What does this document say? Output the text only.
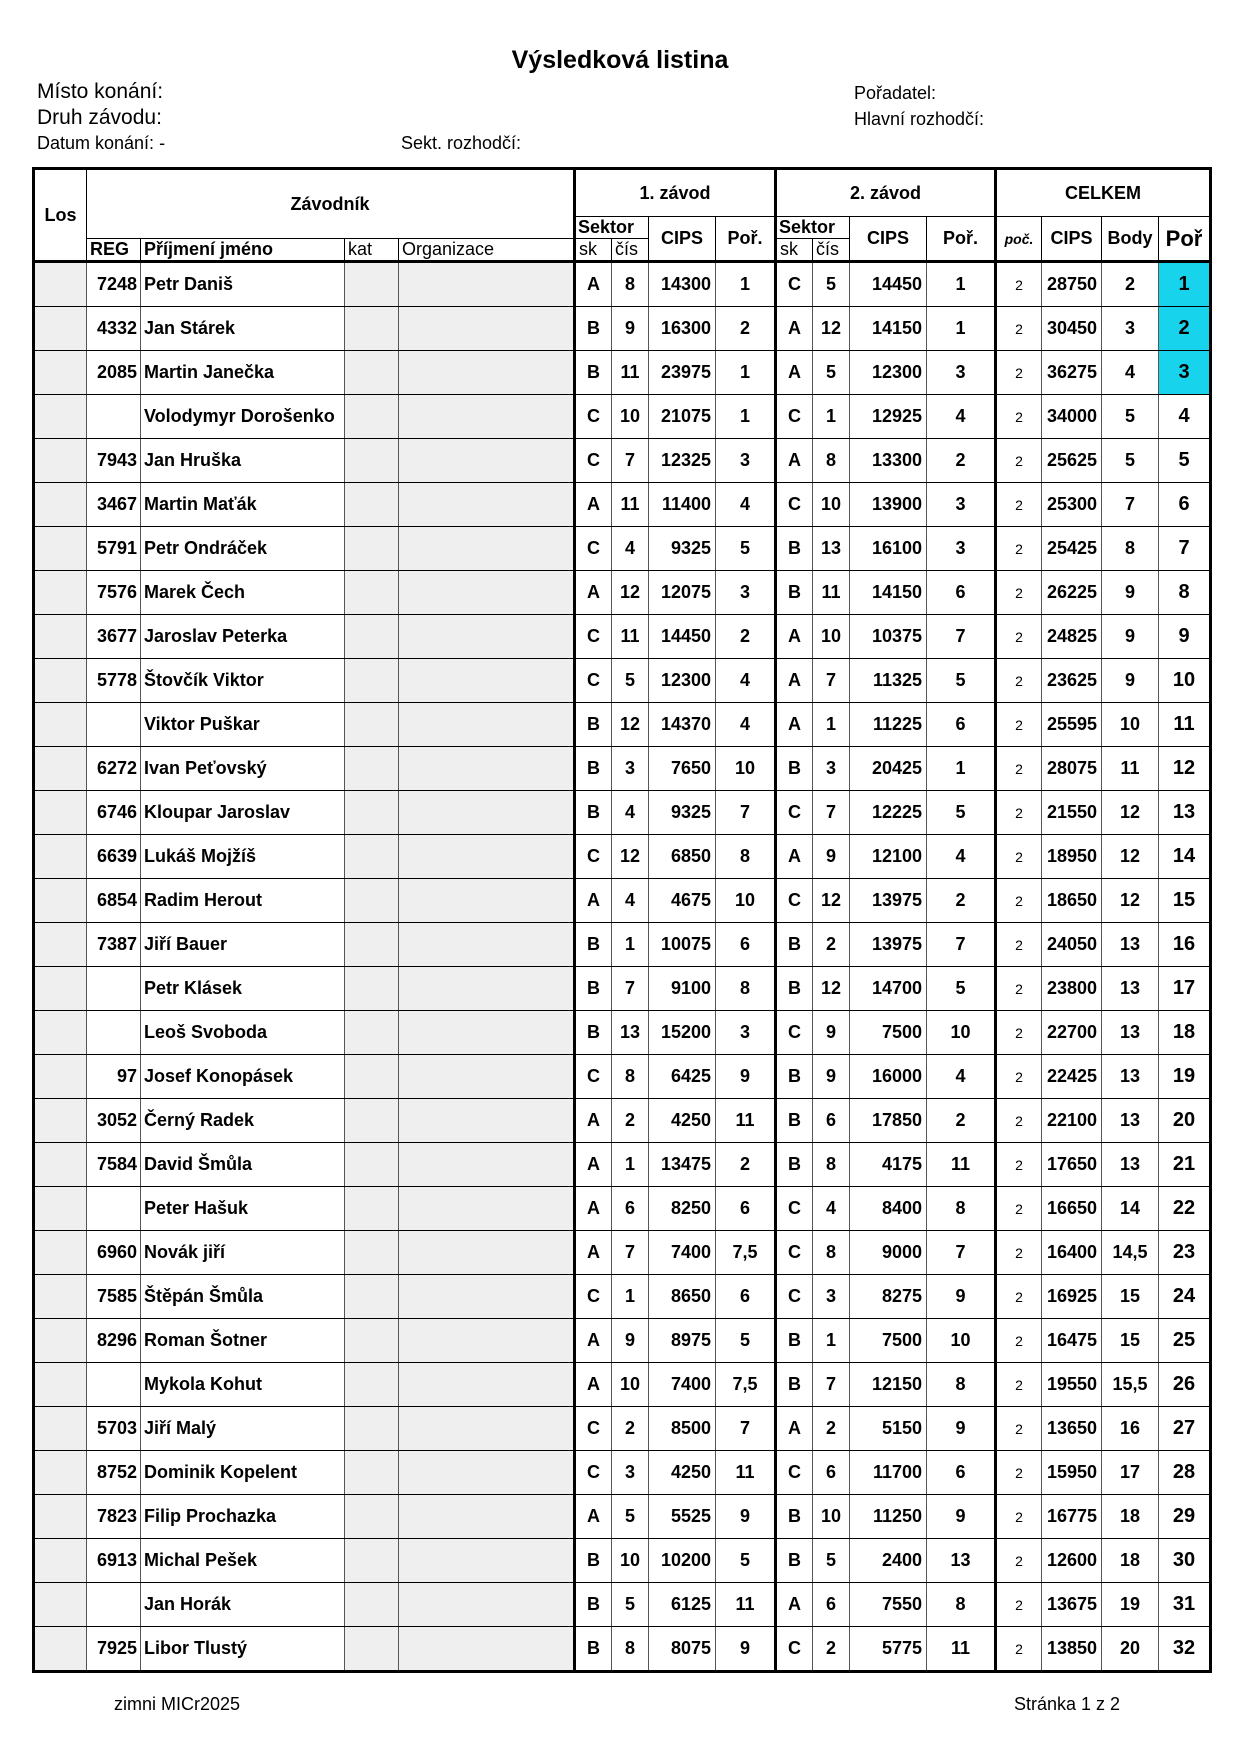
Výsledková listina
Místo konání:
Druh závodu:
Datum konání: -	Sekt. rozhodčí:
Pořadatel:
Hlavní rozhodčí:
Los	Závodník				1. závod				2. závod				CELKEM			
					Sektor		CIPS	Poř.	Sektor		CIPS	Poř.	poč.	CIPS	Body	Poř
	REG	Příjmení jméno	kat	Organizace	sk	čís			sk	čís						
	7248	Petr Daniš			A	8	14300	1	C	5	14450	1	2	28750	2	1
	4332	Jan Stárek			B	9	16300	2	A	12	14150	1	2	30450	3	2
	2085	Martin Janečka			B	11	23975	1	A	5	12300	3	2	36275	4	3
		Volodymyr Dorošenko			C	10	21075	1	C	1	12925	4	2	34000	5	4
	7943	Jan Hruška			C	7	12325	3	A	8	13300	2	2	25625	5	5
	3467	Martin Maťák			A	11	11400	4	C	10	13900	3	2	25300	7	6
	5791	Petr Ondráček			C	4	9325	5	B	13	16100	3	2	25425	8	7
	7576	Marek Čech			A	12	12075	3	B	11	14150	6	2	26225	9	8
	3677	Jaroslav Peterka			C	11	14450	2	A	10	10375	7	2	24825	9	9
	5778	Štovčík Viktor			C	5	12300	4	A	7	11325	5	2	23625	9	10
		Viktor Puškar			B	12	14370	4	A	1	11225	6	2	25595	10	11
	6272	Ivan Peťovský			B	3	7650	10	B	3	20425	1	2	28075	11	12
	6746	Kloupar Jaroslav			B	4	9325	7	C	7	12225	5	2	21550	12	13
	6639	Lukáš Mojžíš			C	12	6850	8	A	9	12100	4	2	18950	12	14
	6854	Radim Herout			A	4	4675	10	C	12	13975	2	2	18650	12	15
	7387	Jiří Bauer			B	1	10075	6	B	2	13975	7	2	24050	13	16
		Petr Klásek			B	7	9100	8	B	12	14700	5	2	23800	13	17
		Leoš Svoboda			B	13	15200	3	C	9	7500	10	2	22700	13	18
	97	Josef Konopásek			C	8	6425	9	B	9	16000	4	2	22425	13	19
	3052	Černý Radek			A	2	4250	11	B	6	17850	2	2	22100	13	20
	7584	David Šmůla			A	1	13475	2	B	8	4175	11	2	17650	13	21
		Peter Hašuk			A	6	8250	6	C	4	8400	8	2	16650	14	22
	6960	Novák jiří			A	7	7400	7,5	C	8	9000	7	2	16400	14,5	23
	7585	Štěpán Šmůla			C	1	8650	6	C	3	8275	9	2	16925	15	24
	8296	Roman Šotner			A	9	8975	5	B	1	7500	10	2	16475	15	25
		Mykola Kohut			A	10	7400	7,5	B	7	12150	8	2	19550	15,5	26
	5703	Jiří Malý			C	2	8500	7	A	2	5150	9	2	13650	16	27
	8752	Dominik Kopelent			C	3	4250	11	C	6	11700	6	2	15950	17	28
	7823	Filip Prochazka			A	5	5525	9	B	10	11250	9	2	16775	18	29
	6913	Michal Pešek			B	10	10200	5	B	5	2400	13	2	12600	18	30
		Jan Horák			B	5	6125	11	A	6	7550	8	2	13675	19	31
	7925	Libor Tlustý			B	8	8075	9	C	2	5775	11	2	13850	20	32
zimni MICr2025	Stránka 1 z 2
